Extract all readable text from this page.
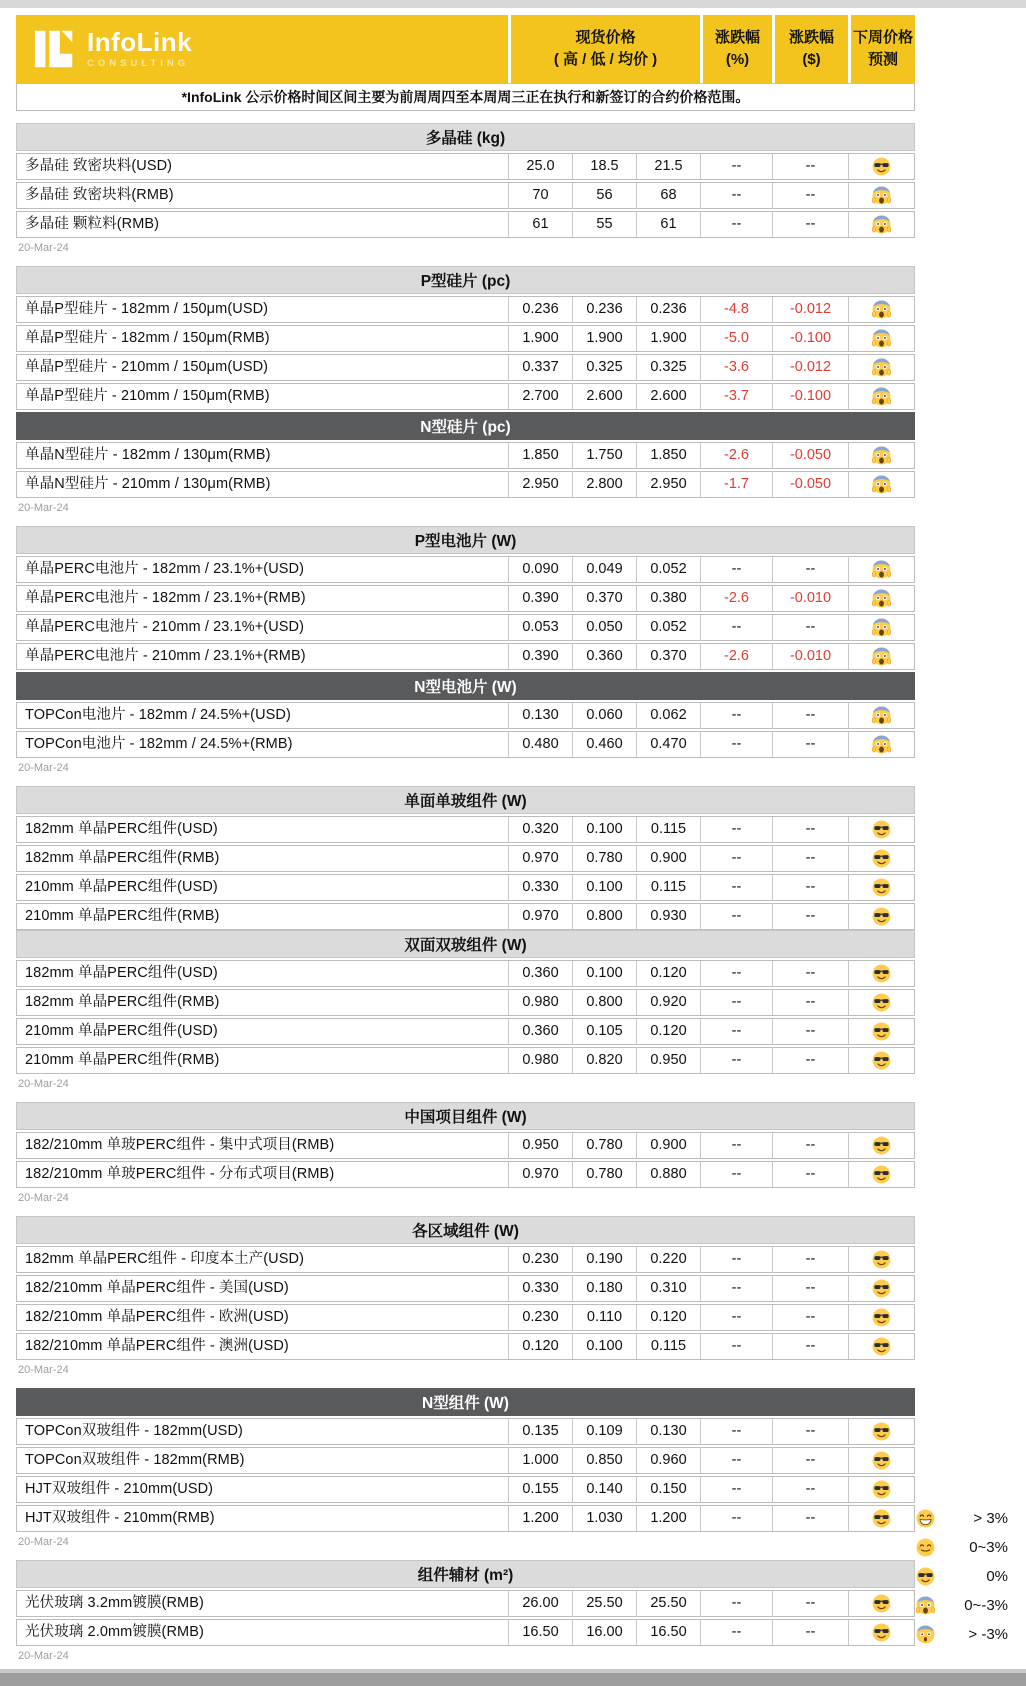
InfoLink
CONSULTING
现货价格
( 高 / 低 / 均价 )
涨跌幅
(%)
涨跌幅
($)
下周价格
预测
*InfoLink 公示价格时间区间主要为前周周四至本周周三正在执行和新签订的合约价格范围。
多晶硅 (kg)
多晶硅 致密块料(USD)	25.0	18.5	21.5	--	--
多晶硅 致密块料(RMB)	70	56	68	--	--
多晶硅 颗粒料(RMB)	61	55	61	--	--
20-Mar-24
P型硅片 (pc)
单晶P型硅片 - 182mm / 150μm(USD)	0.236	0.236	0.236	-4.8	-0.012
单晶P型硅片 - 182mm / 150μm(RMB)	1.900	1.900	1.900	-5.0	-0.100
单晶P型硅片 - 210mm / 150μm(USD)	0.337	0.325	0.325	-3.6	-0.012
单晶P型硅片 - 210mm / 150μm(RMB)	2.700	2.600	2.600	-3.7	-0.100
N型硅片 (pc)
单晶N型硅片 - 182mm / 130μm(RMB)	1.850	1.750	1.850	-2.6	-0.050
单晶N型硅片 - 210mm / 130μm(RMB)	2.950	2.800	2.950	-1.7	-0.050
20-Mar-24
P型电池片 (W)
单晶PERC电池片 - 182mm / 23.1%+(USD)	0.090	0.049	0.052	--	--
单晶PERC电池片 - 182mm / 23.1%+(RMB)	0.390	0.370	0.380	-2.6	-0.010
单晶PERC电池片 - 210mm / 23.1%+(USD)	0.053	0.050	0.052	--	--
单晶PERC电池片 - 210mm / 23.1%+(RMB)	0.390	0.360	0.370	-2.6	-0.010
N型电池片 (W)
TOPCon电池片 - 182mm / 24.5%+(USD)	0.130	0.060	0.062	--	--
TOPCon电池片 - 182mm / 24.5%+(RMB)	0.480	0.460	0.470	--	--
20-Mar-24
单面单玻组件 (W)
182mm 单晶PERC组件(USD)	0.320	0.100	0.115	--	--
182mm 单晶PERC组件(RMB)	0.970	0.780	0.900	--	--
210mm 单晶PERC组件(USD)	0.330	0.100	0.115	--	--
210mm 单晶PERC组件(RMB)	0.970	0.800	0.930	--	--
双面双玻组件 (W)
182mm 单晶PERC组件(USD)	0.360	0.100	0.120	--	--
182mm 单晶PERC组件(RMB)	0.980	0.800	0.920	--	--
210mm 单晶PERC组件(USD)	0.360	0.105	0.120	--	--
210mm 单晶PERC组件(RMB)	0.980	0.820	0.950	--	--
20-Mar-24
中国项目组件 (W)
182/210mm 单玻PERC组件 - 集中式项目(RMB)	0.950	0.780	0.900	--	--
182/210mm 单玻PERC组件 - 分布式项目(RMB)	0.970	0.780	0.880	--	--
20-Mar-24
各区域组件 (W)
182mm 单晶PERC组件 - 印度本土产(USD)	0.230	0.190	0.220	--	--
182/210mm 单晶PERC组件 - 美国(USD)	0.330	0.180	0.310	--	--
182/210mm 单晶PERC组件 - 欧洲(USD)	0.230	0.110	0.120	--	--
182/210mm 单晶PERC组件 - 澳洲(USD)	0.120	0.100	0.115	--	--
20-Mar-24
N型组件 (W)
TOPCon双玻组件 - 182mm(USD)	0.135	0.109	0.130	--	--
TOPCon双玻组件 - 182mm(RMB)	1.000	0.850	0.960	--	--
HJT双玻组件 - 210mm(USD)	0.155	0.140	0.150	--	--
HJT双玻组件 - 210mm(RMB)	1.200	1.030	1.200	--	--
20-Mar-24
组件辅材 (m²)
光伏玻璃 3.2mm镀膜(RMB)	26.00	25.50	25.50	--	--
光伏玻璃 2.0mm镀膜(RMB)	16.50	16.00	16.50	--	--
20-Mar-24
> 3%
0~3%
0%
0~-3%
> -3%
